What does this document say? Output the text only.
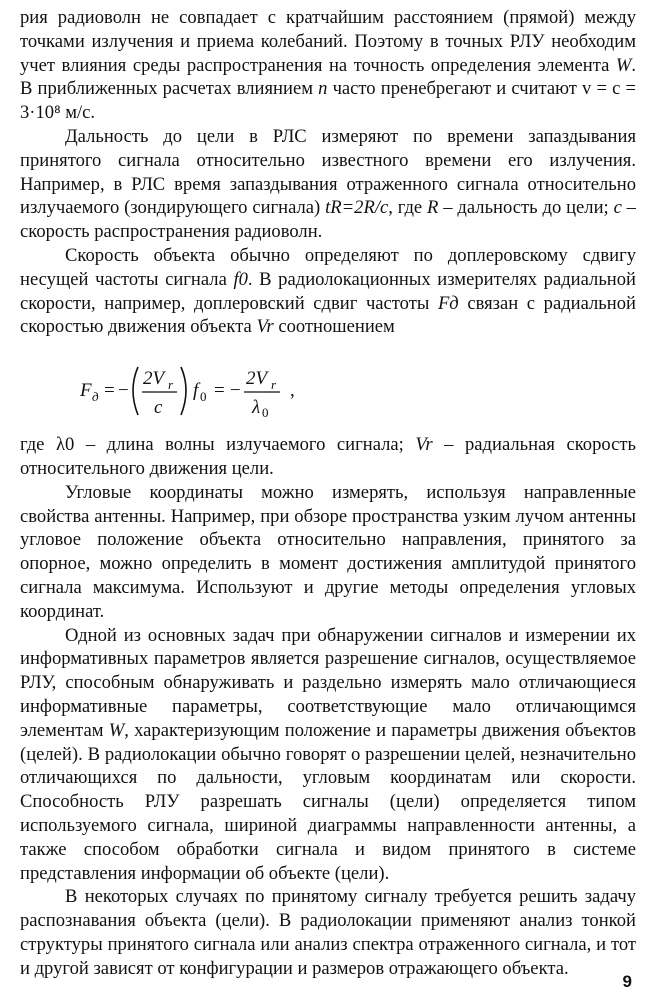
рия радиоволн не совпадает с кратчайшим расстоянием (прямой) между точками излучения и приема колебаний. Поэтому в точных РЛУ необходим учет влияния среды распространения на точность определения элемента W. В приближенных расчетах влиянием n часто пренебрегают и считают v = c = 3·10⁸ м/с.

Дальность до цели в РЛС измеряют по времени запаздывания принятого сигнала относительно известного времени его излучения. Например, в РЛС время запаздывания отраженного сигнала относительно излучаемого (зондирующего сигнала) tR=2R/c, где R – дальность до цели; c – скорость распространения радиоволн.

Скорость объекта обычно определяют по доплеровскому сдвигу несущей частоты сигнала f0. В радиолокационных измерителях радиальной скорости, например, доплеровский сдвиг частоты Fд связан с радиальной скоростью движения объекта Vr соотношением

F д = −
2V r
c
f 0 = −
2V r
λ 0
,

где λ0 – длина волны излучаемого сигнала; Vr – радиальная скорость относительного движения цели.

Угловые координаты можно измерять, используя направленные свойства антенны. Например, при обзоре пространства узким лучом антенны угловое положение объекта относительно направления, принятого за опорное, можно определить в момент достижения амплитудой принятого сигнала максимума. Используют и другие методы определения угловых координат.

Одной из основных задач при обнаружении сигналов и измерении их информативных параметров является разрешение сигналов, осуществляемое РЛУ, способным обнаруживать и раздельно измерять мало отличающиеся информативные параметры, соответствующие мало отличающимся элементам W, характеризующим положение и параметры движения объектов (целей). В радиолокации обычно говорят о разрешении целей, незначительно отличающихся по дальности, угловым координатам или скорости. Способность РЛУ разрешать сигналы (цели) определяется типом используемого сигнала, шириной диаграммы направленности антенны, а также способом обработки сигнала и видом принятого в системе представления информации об объекте (цели).

В некоторых случаях по принятому сигналу требуется решить задачу распознавания объекта (цели). В радиолокации применяют анализ тонкой структуры принятого сигнала или анализ спектра отраженного сигнала, и тот и другой зависят от конфигурации и размеров отражающего объекта.

9
